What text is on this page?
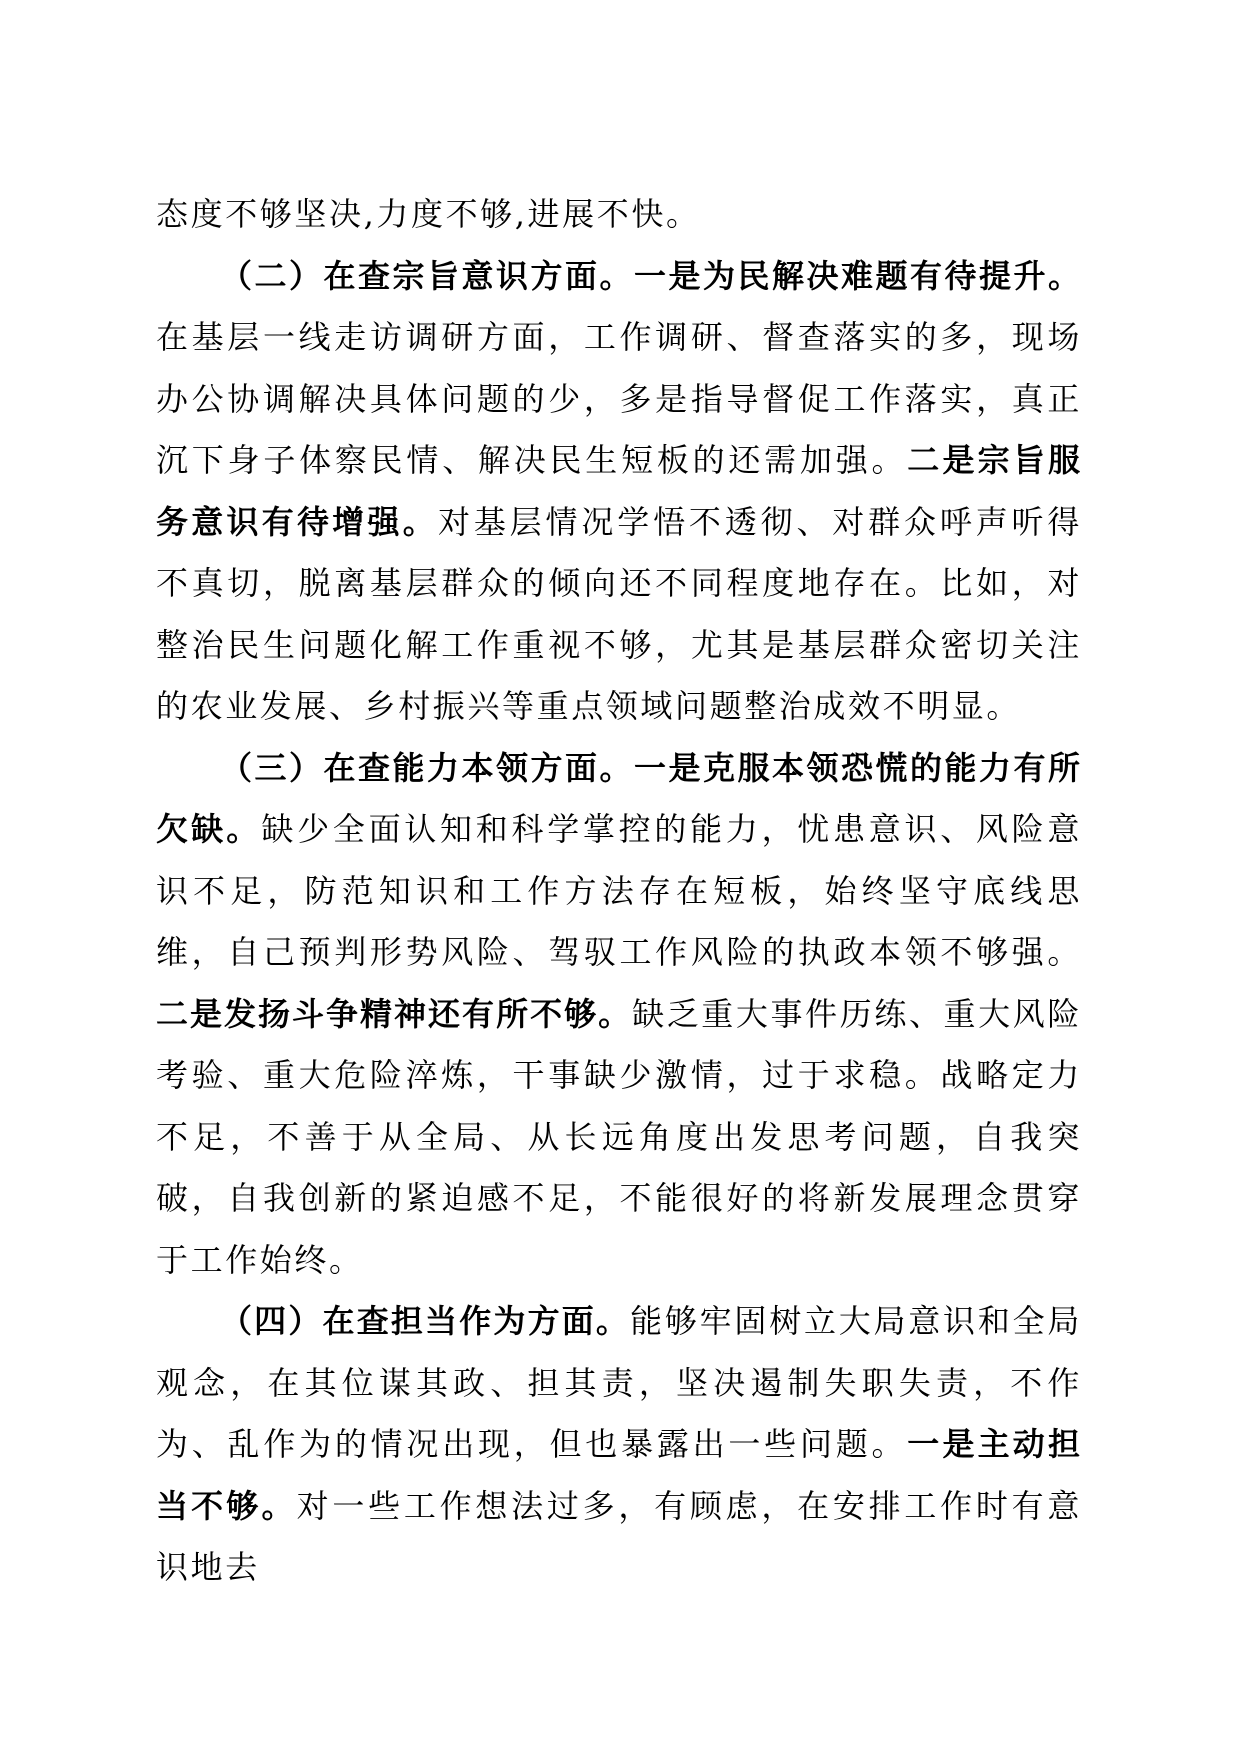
态度不够坚决,力度不够,进展不快。

（二）在查宗旨意识方面。一是为民解决难题有待提升。在基层一线走访调研方面，工作调研、督查落实的多，现场办公协调解决具体问题的少，多是指导督促工作落实，真正沉下身子体察民情、解决民生短板的还需加强。二是宗旨服务意识有待增强。对基层情况学悟不透彻、对群众呼声听得不真切，脱离基层群众的倾向还不同程度地存在。比如，对整治民生问题化解工作重视不够，尤其是基层群众密切关注的农业发展、乡村振兴等重点领域问题整治成效不明显。

（三）在查能力本领方面。一是克服本领恐慌的能力有所欠缺。缺少全面认知和科学掌控的能力，忧患意识、风险意识不足，防范知识和工作方法存在短板，始终坚守底线思维，自己预判形势风险、驾驭工作风险的执政本领不够强。二是发扬斗争精神还有所不够。缺乏重大事件历练、重大风险考验、重大危险淬炼，干事缺少激情，过于求稳。战略定力不足，不善于从全局、从长远角度出发思考问题，自我突破，自我创新的紧迫感不足，不能很好的将新发展理念贯穿于工作始终。

（四）在查担当作为方面。能够牢固树立大局意识和全局观念，在其位谋其政、担其责，坚决遏制失职失责，不作为、乱作为的情况出现，但也暴露出一些问题。一是主动担当不够。对一些工作想法过多，有顾虑，在安排工作时有意识地去
